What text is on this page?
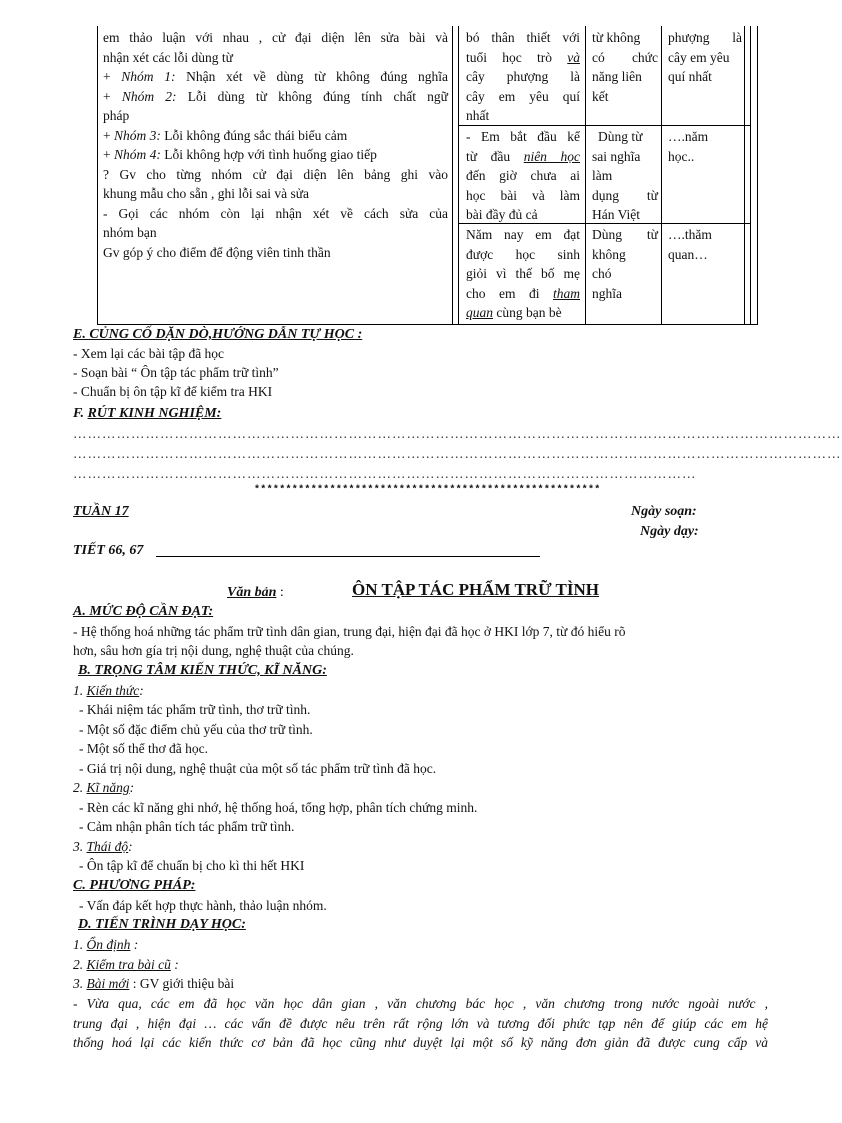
em thảo luận với nhau , cử đại diện lên sửa bài và
nhận xét các lỗi dùng từ
+ Nhóm 1: Nhận xét về dùng từ không đúng nghĩa
+ Nhóm 2: Lỗi dùng từ không đúng tính chất ngữ
pháp
+ Nhóm 3: Lỗi không đúng sắc thái biểu cảm
+ Nhóm 4: Lỗi không hợp với tình huống giao tiếp
? Gv cho từng nhóm cử đại diện lên bảng ghi vào
khung mẫu cho sẵn , ghi lỗi sai và sửa
- Gọi các nhóm còn lại nhận xét về cách sửa của
nhóm bạn
Gv góp ý cho điểm để động viên tinh thần
bó thân thiết với
tuổi học trò và
cây phượng là
cây em yêu quí
nhất
từ không
có chức
năng liên
kết
phượng là
cây em yêu
quí nhất
- Em bắt đầu kể
từ đầu niên học
đến giờ chưa ai
học bài và làm
bài đầy đủ cả
Dùng từ
sai nghĩa
làm
dụng từ
Hán Việt
….năm
học..
Năm nay em đạt
được học sinh
giỏi vì thế bố mẹ
cho em đi tham
quan cùng bạn bè
Dùng từ
không
chó
nghĩa
….thăm
quan…
E. CỦNG CỐ DẶN DÒ,HƯỚNG DẪN TỰ HỌC :
- Xem lại các bài tập đã học
- Soạn bài “ Ôn tập tác phẩm trữ tình”
- Chuẩn bị ôn tập kĩ để kiểm tra HKI
F. RÚT KINH NGHIỆM:
……………………………………………………………………………………………………………………………………………
……………………………………………………………………………………………………………………………………………
…………………………………………………………………………………………………………………
*******************************************************
TUẦN 17	Ngày soạn:
Ngày dạy:
TIẾT 66, 67
Văn bản :	ÔN TẬP TÁC PHẨM TRỮ TÌNH
A. MỨC ĐỘ CẦN ĐẠT:
- Hệ thống hoá những tác phẩm trữ tình dân gian, trung đại, hiện đại đã học ở HKI lớp 7, từ đó hiểu rõ
hơn, sâu hơn gía trị nội dung, nghệ thuật của chúng.
B. TRỌNG TÂM KIẾN THỨC, KĨ NĂNG:
1. Kiến thức:
- Khái niệm tác phẩm trữ tình, thơ trữ tình.
- Một số đặc điểm chủ yếu của thơ trữ tình.
- Một số thể thơ đã học.
- Giá trị nội dung, nghệ thuật của một số tác phẩm trữ tình đã học.
2. Kĩ năng:
- Rèn các kĩ năng ghi nhớ, hệ thống hoá, tổng hợp, phân tích chứng minh.
- Cảm nhận phân tích tác phẩm trữ tình.
3. Thái độ:
- Ôn tập kĩ để chuẩn bị cho kì thi hết HKI
C. PHƯƠNG PHÁP:
- Vấn đáp kết hợp thực hành, thảo luận nhóm.
D. TIẾN TRÌNH DẠY HỌC:
1. Ổn định :
2. Kiểm tra bài cũ :
3. Bài mới : GV giới thiệu bài
- Vừa qua, các em đã học văn học dân gian , văn chương bác học , văn chương trong nước ngoài nước ,
trung đại , hiện đại … các vấn đề được nêu trên rất rộng lớn và tương đối phức tạp nên để giúp các em hệ
thống hoá lại các kiến thức cơ bản đã học cũng như duyệt lại một số kỹ năng đơn giản đã được cung cấp và
